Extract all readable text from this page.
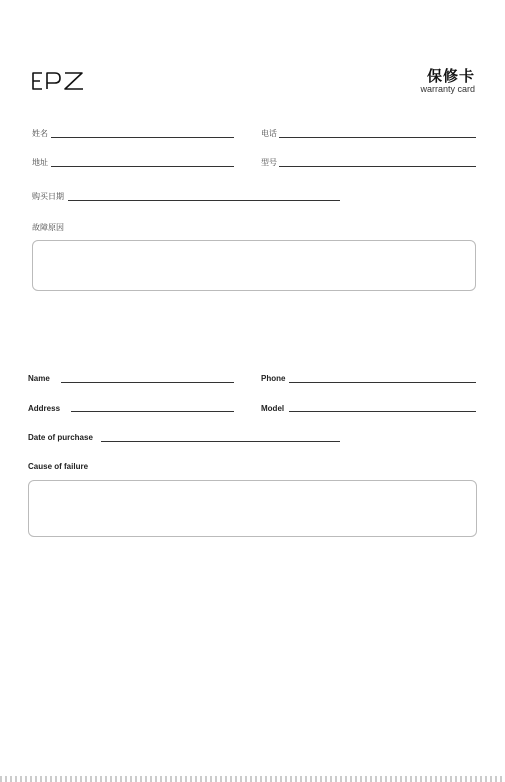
保修卡
warranty card
姓名	电话
地址	型号
购买日期
故障原因
Name	Phone
Address	Model
Date of purchase
Cause of failure
